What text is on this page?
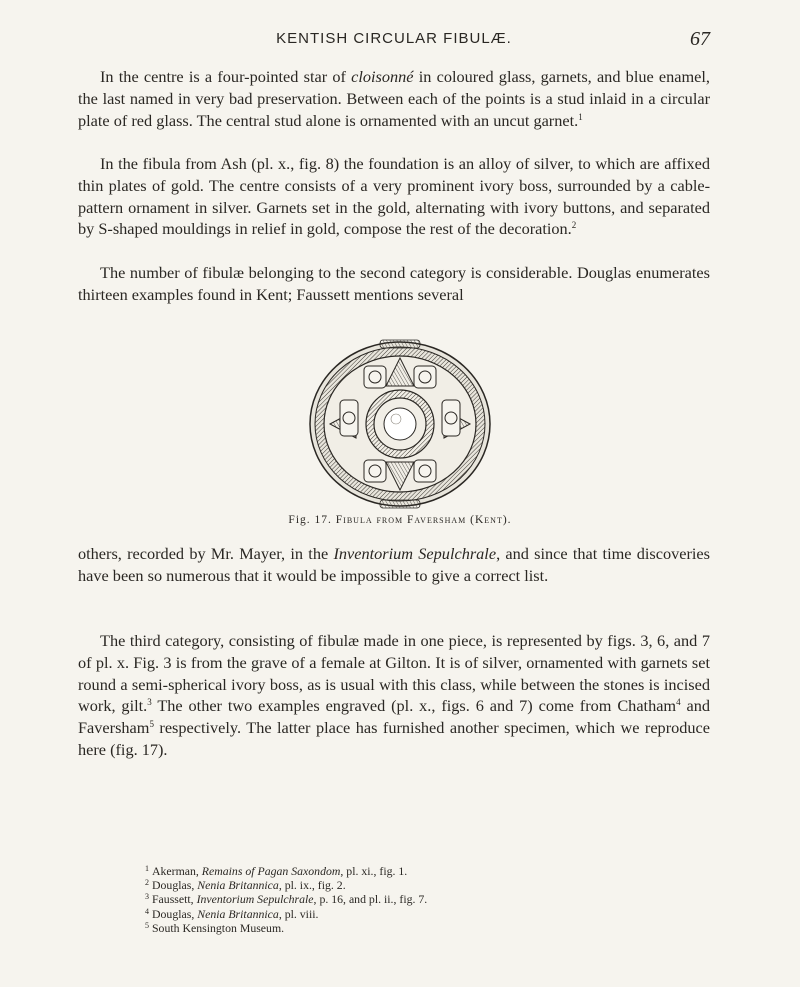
KENTISH CIRCULAR FIBULÆ.	67

In the centre is a four-pointed star of cloisonné in coloured glass, garnets, and blue enamel, the last named in very bad preservation. Between each of the points is a stud inlaid in a circular plate of red glass. The central stud alone is ornamented with an uncut garnet.$^1$

In the fibula from Ash (pl. x., fig. 8) the foundation is an alloy of silver, to which are affixed thin plates of gold. The centre consists of a very prominent ivory boss, surrounded by a cable-pattern ornament in silver. Garnets set in the gold, alternating with ivory buttons, and separated by S-shaped mouldings in relief in gold, compose the rest of the decoration.$^2$

The number of fibulæ belonging to the second category is considerable. Douglas enumerates thirteen examples found in Kent; Faussett mentions several

Fig. 17. Fibula from Faversham (Kent).

others, recorded by Mr. Mayer, in the Inventorium Sepulchrale, and since that time discoveries have been so numerous that it would be impossible to give a correct list.

The third category, consisting of fibulæ made in one piece, is represented by figs. 3, 6, and 7 of pl. x. Fig. 3 is from the grave of a female at Gilton. It is of silver, ornamented with garnets set round a semi-spherical ivory boss, as is usual with this class, while between the stones is incised work, gilt.$^3$ The other two examples engraved (pl. x., figs. 6 and 7) come from Chatham$^4$ and Faversham$^5$ respectively. The latter place has furnished another specimen, which we reproduce here (fig. 17).

$^1$ Akerman, Remains of Pagan Saxondom, pl. xi., fig. 1.

$^2$ Douglas, Nenia Britannica, pl. ix., fig. 2.

$^3$ Faussett, Inventorium Sepulchrale, p. 16, and pl. ii., fig. 7.

$^4$ Douglas, Nenia Britannica, pl. viii.

$^5$ South Kensington Museum.
